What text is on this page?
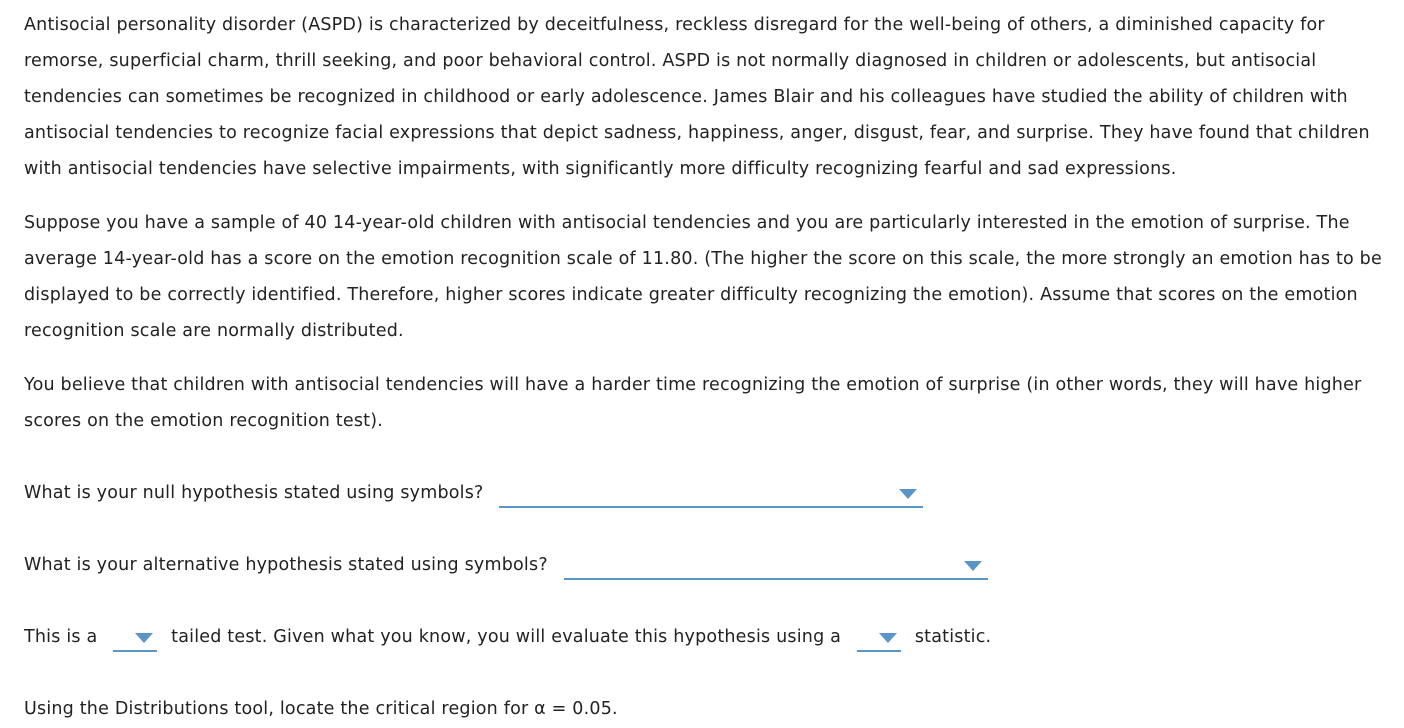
Antisocial personality disorder (ASPD) is characterized by deceitfulness, reckless disregard for the well-being of others, a diminished capacity for remorse, superficial charm, thrill seeking, and poor behavioral control. ASPD is not normally diagnosed in children or adolescents, but antisocial tendencies can sometimes be recognized in childhood or early adolescence. James Blair and his colleagues have studied the ability of children with antisocial tendencies to recognize facial expressions that depict sadness, happiness, anger, disgust, fear, and surprise. They have found that children with antisocial tendencies have selective impairments, with significantly more difficulty recognizing fearful and sad expressions.

Suppose you have a sample of 40 14-year-old children with antisocial tendencies and you are particularly interested in the emotion of surprise. The average 14-year-old has a score on the emotion recognition scale of 11.80. (The higher the score on this scale, the more strongly an emotion has to be displayed to be correctly identified. Therefore, higher scores indicate greater difficulty recognizing the emotion). Assume that scores on the emotion recognition scale are normally distributed.

You believe that children with antisocial tendencies will have a harder time recognizing the emotion of surprise (in other words, they will have higher scores on the emotion recognition test).

What is your null hypothesis stated using symbols?
What is your alternative hypothesis stated using symbols?
This is a	tailed test. Given what you know, you will evaluate this hypothesis using a	statistic.
Using the Distributions tool, locate the critical region for α = 0.05.
